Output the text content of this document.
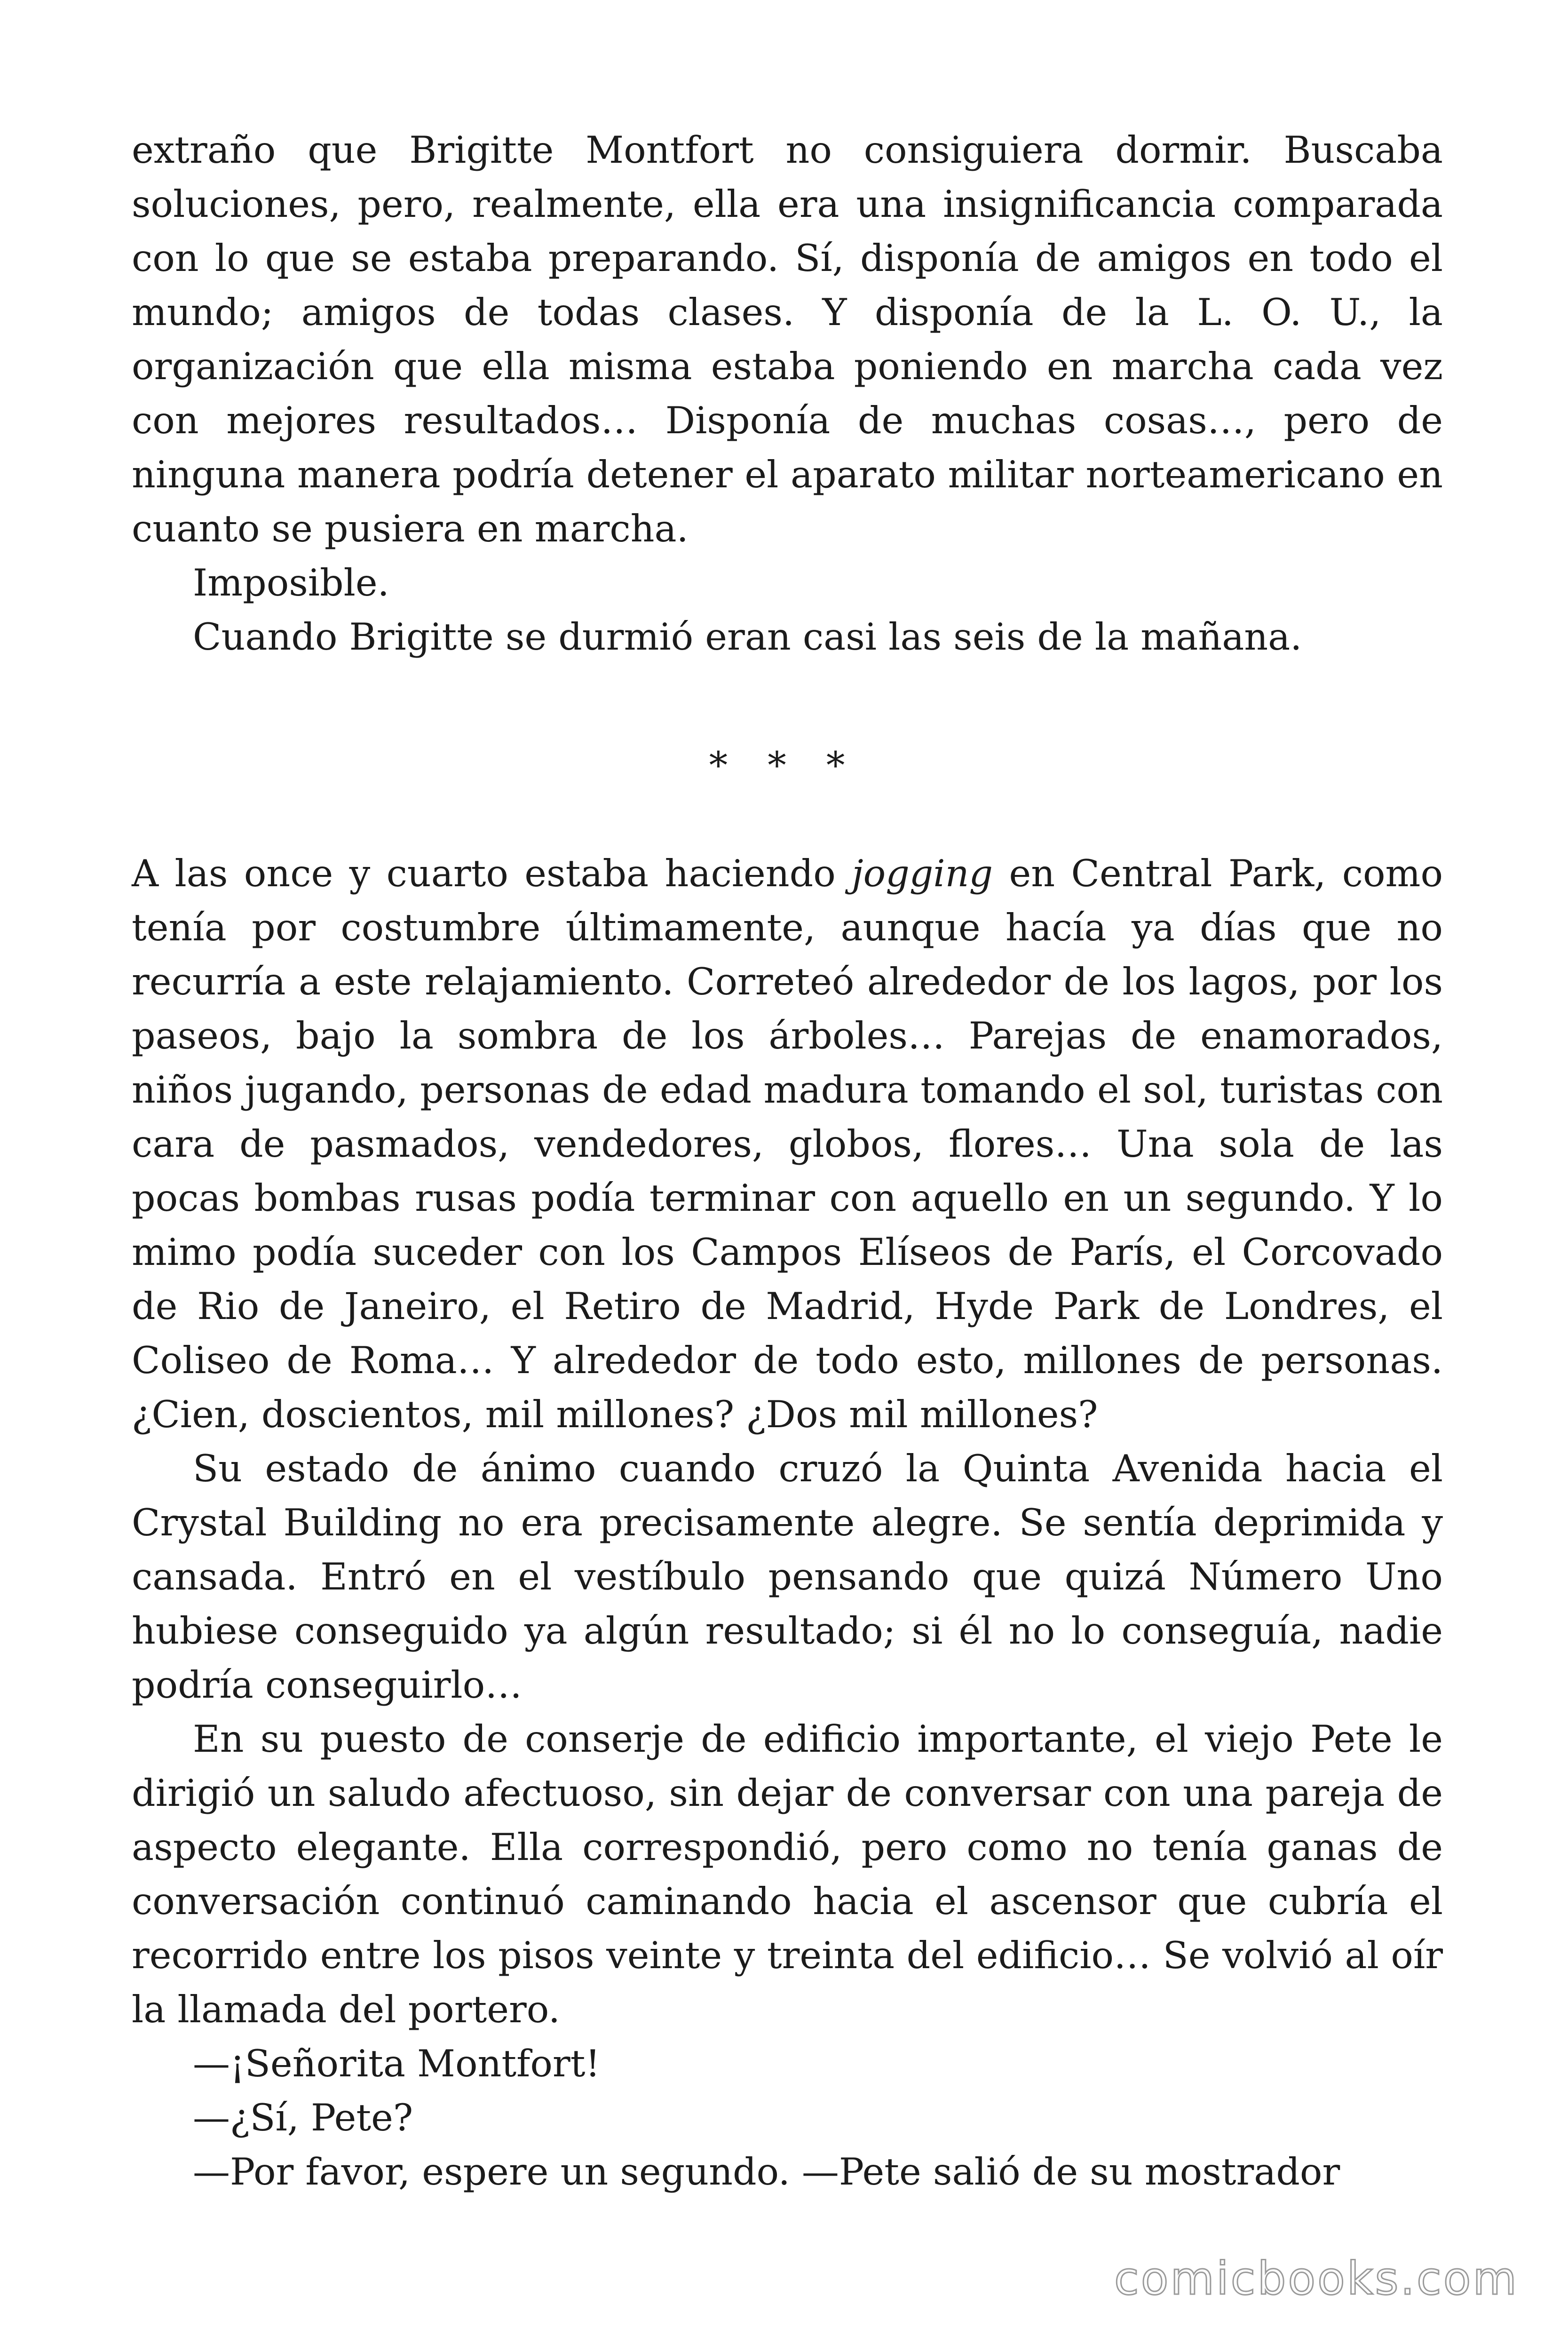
extraño que Brigitte Montfort no consiguiera dormir. Buscaba soluciones, pero, realmente, ella era una insignificancia comparada con lo que se estaba preparando. Sí, disponía de amigos en todo el mundo; amigos de todas clases. Y disponía de la L. O. U., la organización que ella misma estaba poniendo en marcha cada vez con mejores resultados… Disponía de muchas cosas…, pero de ninguna manera podría detener el aparato militar norteamericano en cuanto se pusiera en marcha.

Imposible.

Cuando Brigitte se durmió eran casi las seis de la mañana.

* * *

A las once y cuarto estaba haciendo jogging en Central Park, como tenía por costumbre últimamente, aunque hacía ya días que no recurría a este relajamiento. Correteó alrededor de los lagos, por los paseos, bajo la sombra de los árboles… Parejas de enamorados, niños jugando, personas de edad madura tomando el sol, turistas con cara de pasmados, vendedores, globos, flores… Una sola de las pocas bombas rusas podía terminar con aquello en un segundo. Y lo mimo podía suceder con los Campos Elíseos de París, el Corcovado de Rio de Janeiro, el Retiro de Madrid, Hyde Park de Londres, el Coliseo de Roma… Y alrededor de todo esto, millones de personas. ¿Cien, doscientos, mil millones? ¿Dos mil millones?

Su estado de ánimo cuando cruzó la Quinta Avenida hacia el Crystal Building no era precisamente alegre. Se sentía deprimida y cansada. Entró en el vestíbulo pensando que quizá Número Uno hubiese conseguido ya algún resultado; si él no lo conseguía, nadie podría conseguirlo…

En su puesto de conserje de edificio importante, el viejo Pete le dirigió un saludo afectuoso, sin dejar de conversar con una pareja de aspecto elegante. Ella correspondió, pero como no tenía ganas de conversación continuó caminando hacia el ascensor que cubría el recorrido entre los pisos veinte y treinta del edificio… Se volvió al oír la llamada del portero.

—¡Señorita Montfort!

—¿Sí, Pete?

—Por favor, espere un segundo. —Pete salió de su mostrador

comicbooks.com
